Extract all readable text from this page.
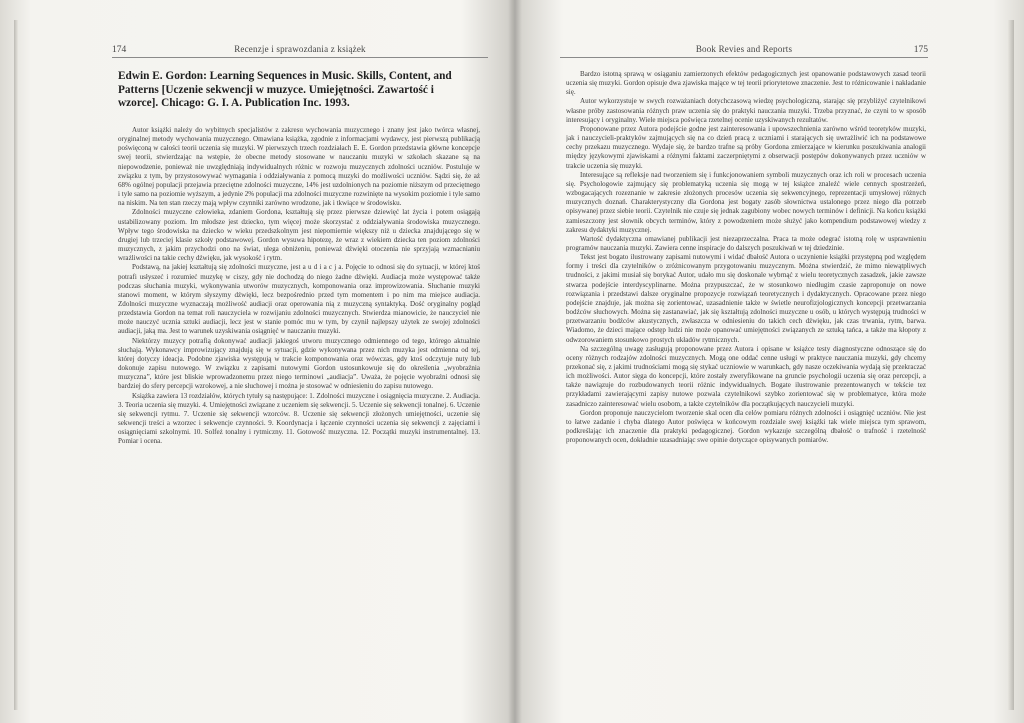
174	Recenzje i sprawozdania z książek
Edwin E. Gordon: Learning Sequences in Music. Skills, Content, and Patterns [Uczenie sekwencji w muzyce. Umiejętności. Zawartość i wzorce]. Chicago: G. I. A. Publication Inc. 1993.

Autor książki należy do wybitnych specjalistów z zakresu wychowania muzycznego i znany jest jako twórca własnej, oryginalnej metody wychowania muzycznego. Omawiana książka, zgodnie z informacjami wydawcy, jest pierwszą publikacją poświęconą w całości teorii uczenia się muzyki. W pierwszych trzech rozdziałach E. E. Gordon przedstawia główne koncepcje swej teorii, stwierdzając na wstępie, że obecne metody stosowane w nauczaniu muzyki w szkołach skazane są na niepowodzenie, ponieważ nie uwzględniają indywidualnych różnic w rozwoju muzycznych zdolności uczniów. Postuluje w związku z tym, by przystosowywać wymagania i oddziaływania z pomocą muzyki do możliwości uczniów. Sądzi się, że aż 68% ogólnej populacji przejawia przeciętne zdolności muzyczne, 14% jest uzdolnionych na poziomie niższym od przeciętnego i tyle samo na poziomie wyższym, a jedynie 2% populacji ma zdolności muzyczne rozwinięte na wysokim poziomie i tyle samo na niskim. Na ten stan rzeczy mają wpływ czynniki zarówno wrodzone, jak i tkwiące w środowisku.

Zdolności muzyczne człowieka, zdaniem Gordona, kształtują się przez pierwsze dziewięć lat życia i potem osiągają ustabilizowany poziom. Im młodsze jest dziecko, tym więcej może skorzystać z oddziaływania środowiska muzycznego. Wpływ tego środowiska na dziecko w wieku przedszkolnym jest niepomiernie większy niż u dziecka znajdującego się w drugiej lub trzeciej klasie szkoły podstawowej. Gordon wysuwa hipotezę, że wraz z wiekiem dziecka ten poziom zdolności muzycznych, z jakim przychodzi ono na świat, ulega obniżeniu, ponieważ dźwięki otoczenia nie sprzyjają wzmacnianiu wrażliwości na takie cechy dźwięku, jak wysokość i rytm.

Podstawą, na jakiej kształtują się zdolności muzyczne, jest a u d i a c j a. Pojęcie to odnosi się do sytuacji, w której ktoś potrafi usłyszeć i rozumieć muzykę w ciszy, gdy nie dochodzą do niego żadne dźwięki. Audiacja może występować także podczas słuchania muzyki, wykonywania utworów muzycznych, komponowania oraz improwizowania. Słuchanie muzyki stanowi moment, w którym słyszymy dźwięki, lecz bezpośrednio przed tym momentem i po nim ma miejsce audiacja. Zdolności muzyczne wyznaczają możliwość audiacji oraz operowania nią z muzyczną syntaktyką. Dość oryginalny pogląd przedstawia Gordon na temat roli nauczyciela w rozwijaniu zdolności muzycznych. Stwierdza mianowicie, że nauczyciel nie może nauczyć ucznia sztuki audiacji, lecz jest w stanie pomóc mu w tym, by czynił najlepszy użytek ze swojej zdolności audiacji, jaką ma. Jest to warunek uzyskiwania osiągnięć w nauczaniu muzyki.

Niektórzy muzycy potrafią dokonywać audiacji jakiegoś utworu muzycznego odmiennego od tego, którego aktualnie słuchają. Wykonawcy improwizujący znajdują się w sytuacji, gdzie wykonywana przez nich muzyka jest odmienna od tej, której dotyczy ideacja. Podobne zjawiska występują w trakcie komponowania oraz wówczas, gdy ktoś odczytuje nuty lub dokonuje zapisu nutowego. W związku z zapisami nutowymi Gordon ustosunkowuje się do określenia „wyobraźnia muzyczna”, które jest bliskie wprowadzonemu przez niego terminowi „audiacja”. Uważa, że pojęcie wyobraźni odnosi się bardziej do sfery percepcji wzrokowej, a nie słuchowej i można je stosować w odniesieniu do zapisu nutowego.

Książka zawiera 13 rozdziałów, których tytuły są następujące: 1. Zdolności muzyczne i osiągnięcia muzyczne. 2. Audiacja. 3. Teoria uczenia się muzyki. 4. Umiejętności związane z uczeniem się sekwencji. 5. Uczenie się sekwencji tonalnej. 6. Uczenie się sekwencji rytmu. 7. Uczenie się sekwencji wzorców. 8. Uczenie się sekwencji złożonych umiejętności, uczenie się sekwencji treści a wzorzec i sekwencje czynności. 9. Koordynacja i łączenie czynności uczenia się sekwencji z zajęciami i osiągnięciami szkolnymi. 10. Solfeż tonalny i rytmiczny. 11. Gotowość muzyczna. 12. Początki muzyki instrumentalnej. 13. Pomiar i ocena.

Book Revies and Reports	175

Bardzo istotną sprawą w osiąganiu zamierzonych efektów pedagogicznych jest opanowanie podstawowych zasad teorii uczenia się muzyki. Gordon opisuje dwa zjawiska mające w tej teorii priorytetowe znaczenie. Jest to różnicowanie i nakładanie się.

Autor wykorzystuje w swych rozważaniach dotychczasową wiedzę psychologiczną, starając się przybliżyć czytelnikowi własne próby zastosowania różnych praw uczenia się do praktyki nauczania muzyki. Trzeba przyznać, że czyni to w sposób interesujący i oryginalny. Wiele miejsca poświęca rzetelnej ocenie uzyskiwanych rezultatów.

Proponowane przez Autora podejście godne jest zainteresowania i upowszechnienia zarówno wśród teoretyków muzyki, jak i nauczycieli-praktyków zajmujących się na co dzień pracą z uczniami i starających się uwrażliwić ich na podstawowe cechy przekazu muzycznego. Wydaje się, że bardzo trafne są próby Gordona zmierzające w kierunku poszukiwania analogii między językowymi zjawiskami a różnymi faktami zaczerpniętymi z obserwacji postępów dokonywanych przez uczniów w trakcie uczenia się muzyki.

Interesujące są refleksje nad tworzeniem się i funkcjonowaniem symboli muzycznych oraz ich roli w procesach uczenia się. Psychologowie zajmujący się problematyką uczenia się mogą w tej książce znaleźć wiele cennych spostrzeżeń, wzbogacających rozeznanie w zakresie złożonych procesów uczenia się sekwencyjnego, reprezentacji umysłowej różnych muzycznych doznań. Charakterystyczny dla Gordona jest bogaty zasób słownictwa ustalonego przez niego dla potrzeb opisywanej przez siebie teorii. Czytelnik nie czuje się jednak zagubiony wobec nowych terminów i definicji. Na końcu książki zamieszczony jest słownik obcych terminów, który z powodzeniem może służyć jako kompendium podstawowej wiedzy z zakresu dydaktyki muzycznej.

Wartość dydaktyczna omawianej publikacji jest niezaprzeczalna. Praca ta może odegrać istotną rolę w usprawnieniu programów nauczania muzyki. Zawiera cenne inspiracje do dalszych poszukiwań w tej dziedzinie.

Tekst jest bogato ilustrowany zapisami nutowymi i widać dbałość Autora o uczynienie książki przystępną pod względem formy i treści dla czytelników o zróżnicowanym przygotowaniu muzycznym. Można stwierdzić, że mimo niewątpliwych trudności, z jakimi musiał się borykać Autor, udało mu się doskonale wybrnąć z wielu teoretycznych zasadzek, jakie zawsze stwarza podejście interdyscyplinarne. Można przypuszczać, że w stosunkowo niedługim czasie zaproponuje on nowe rozwiązania i przedstawi dalsze oryginalne propozycje rozwiązań teoretycznych i dydaktycznych. Opracowane przez niego podejście znajduje, jak można się zorientować, uzasadnienie także w świetle neurofizjologicznych koncepcji przetwarzania bodźców słuchowych. Można się zastanawiać, jak się kształtują zdolności muzyczne u osób, u których występują trudności w przetwarzaniu bodźców akustycznych, zwłaszcza w odniesieniu do takich cech dźwięku, jak czas trwania, rytm, barwa. Wiadomo, że dzieci mające odstęp ludzi nie może opanować umiejętności związanych ze sztuką tańca, a także ma kłopoty z odwzorowaniem stosunkowo prostych układów rytmicznych.

Na szczególną uwagę zasługują proponowane przez Autora i opisane w książce testy diagnostyczne odnoszące się do oceny różnych rodzajów zdolności muzycznych. Mogą one oddać cenne usługi w praktyce nauczania muzyki, gdy chcemy przekonać się, z jakimi trudnościami mogą się stykać uczniowie w warunkach, gdy nasze oczekiwania wydają się przekraczać ich możliwości. Autor sięga do koncepcji, które zostały zweryfikowane na gruncie psychologii uczenia się oraz percepcji, a także nawiązuje do rozbudowanych teorii różnic indywidualnych. Bogate ilustrowanie prezentowanych w tekście tez przykładami zawierającymi zapisy nutowe pozwala czytelnikowi szybko zorientować się w problematyce, która może zasadniczo zainteresować wielu osobom, a także czytelników dla początkujących nauczycieli muzyki.

Gordon proponuje nauczycielom tworzenie skal ocen dla celów pomiaru różnych zdolności i osiągnięć uczniów. Nie jest to łatwe zadanie i chyba dlatego Autor poświęca w końcowym rozdziale swej książki tak wiele miejsca tym sprawom, podkreślając ich znaczenie dla praktyki pedagogicznej. Gordon wykazuje szczególną dbałość o trafność i rzetelność proponowanych ocen, dokładnie uzasadniając swe opinie dotyczące opisywanych pomiarów.
